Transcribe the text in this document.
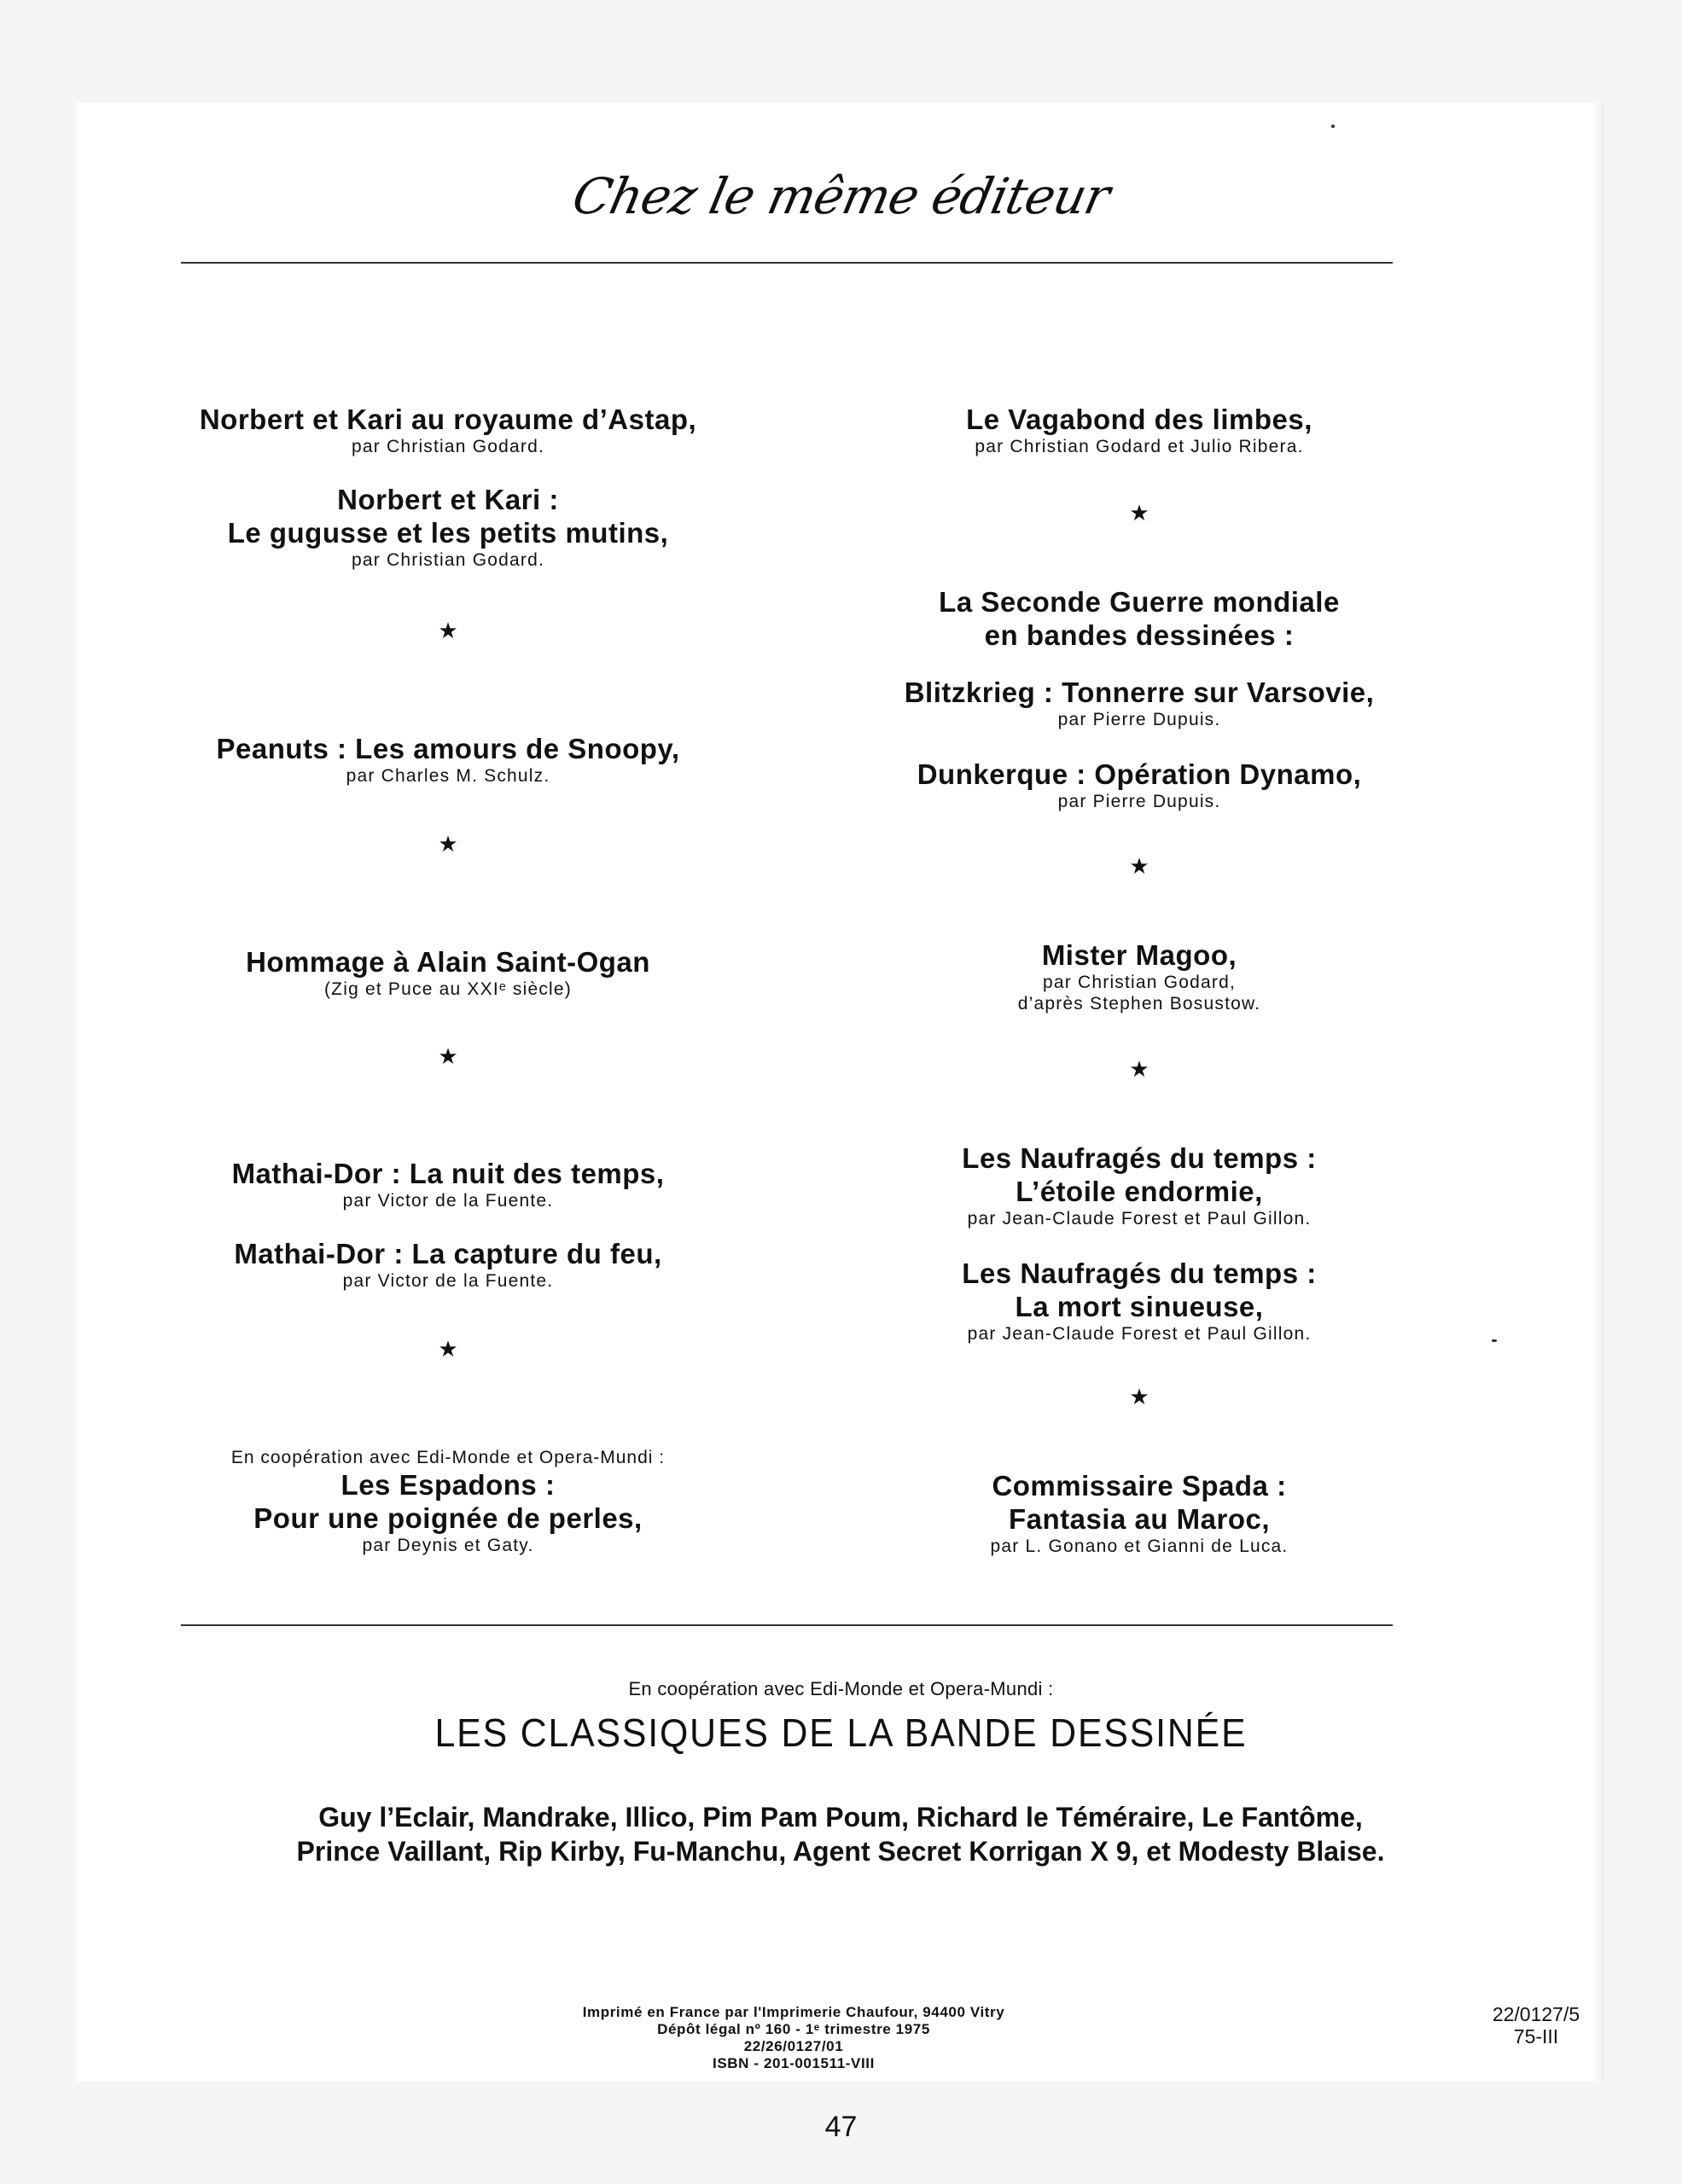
Chez le même éditeur
Norbert et Kari au royaume d’Astap,
par Christian Godard.
Norbert et Kari :
Le gugusse et les petits mutins,
par Christian Godard.
★
Peanuts : Les amours de Snoopy,
par Charles M. Schulz.
★
Hommage à Alain Saint-Ogan
(Zig et Puce au XXIᵉ siècle)
★
Mathai-Dor : La nuit des temps,
par Victor de la Fuente.
Mathai-Dor : La capture du feu,
par Victor de la Fuente.
★
En coopération avec Edi-Monde et Opera-Mundi :
Les Espadons :
Pour une poignée de perles,
par Deynis et Gaty.
Le Vagabond des limbes,
par Christian Godard et Julio Ribera.
★
La Seconde Guerre mondiale
en bandes dessinées :
Blitzkrieg : Tonnerre sur Varsovie,
par Pierre Dupuis.
Dunkerque : Opération Dynamo,
par Pierre Dupuis.
★
Mister Magoo,
par Christian Godard,
d’après Stephen Bosustow.
★
Les Naufragés du temps :
L’étoile endormie,
par Jean-Claude Forest et Paul Gillon.
Les Naufragés du temps :
La mort sinueuse,
par Jean-Claude Forest et Paul Gillon.
★
Commissaire Spada :
Fantasia au Maroc,
par L. Gonano et Gianni de Luca.
En coopération avec Edi-Monde et Opera-Mundi :
LES CLASSIQUES DE LA BANDE DESSINÉE
Guy l’Eclair, Mandrake, Illico, Pim Pam Poum, Richard le Téméraire, Le Fantôme,
Prince Vaillant, Rip Kirby, Fu-Manchu, Agent Secret Korrigan X 9, et Modesty Blaise.
Imprimé en France par l'Imprimerie Chaufour, 94400 Vitry
Dépôt légal nº 160 - 1ᵉ trimestre 1975
22/26/0127/01
ISBN - 201-001511-VIII
22/0127/5
75-III
47
